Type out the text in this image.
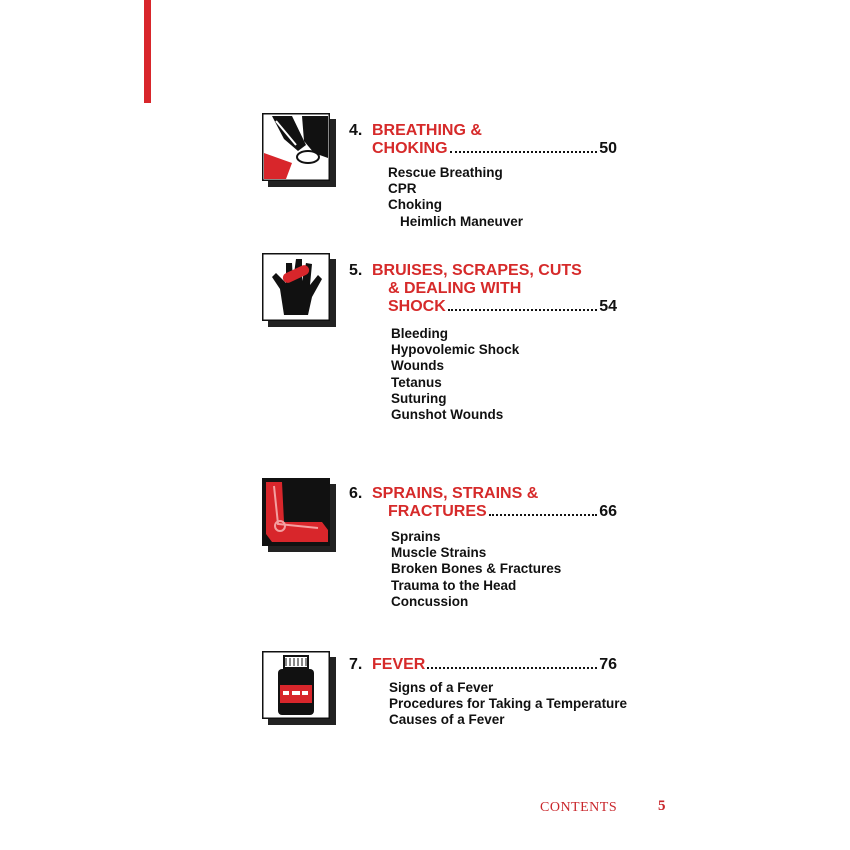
4. BREATHING &
CHOKING	50
Rescue Breathing
CPR
Choking
Heimlich Maneuver
5. BRUISES, SCRAPES, CUTS
& DEALING WITH
SHOCK	54
Bleeding
Hypovolemic Shock
Wounds
Tetanus
Suturing
Gunshot Wounds
6. SPRAINS, STRAINS &
FRACTURES	66
Sprains
Muscle Strains
Broken Bones & Fractures
Trauma to the Head
Concussion
7. FEVER	76
Signs of a Fever
Procedures for Taking a Temperature
Causes of a Fever
CONTENTS	5
